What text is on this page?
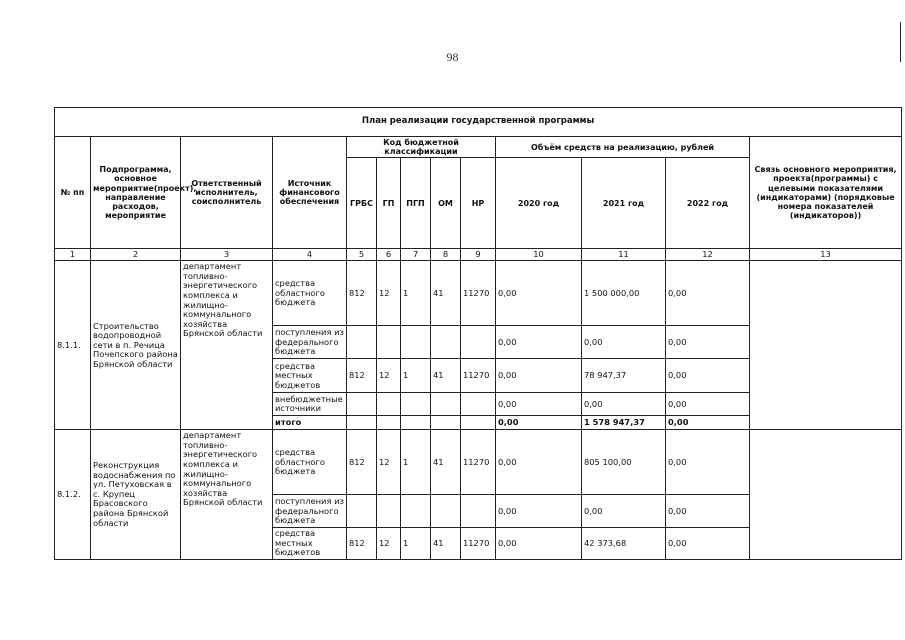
98
План реализации государственной программы												
№ пп	Подпрограмма, основное мероприятие(проект), направление расходов, мероприятие	Ответственный исполнитель, соисполнитель	Источник финансового обеспечения	Код бюджетной классификации					Объём средств на реализацию, рублей			Связь основного мероприятия, проекта(программы) с целевыми показателями (индикаторами) (порядковые номера показателей (индикаторов))
				ГРБС	ГП	ПГП	ОМ	НР	2020 год	2021 год	2022 год	
1	2	3	4	5	6	7	8	9	10	11	12	13
8.1.1.	Строительство водопроводной сети в п. Речица Почепского района Брянской области	департамент топливно-энергетического комплекса и жилищно-коммунального хозяйства Брянской области	средства областного бюджета	812	12	1	41	11270	0,00	1 500 000,00	0,00	
			поступления из федерального бюджета						0,00	0,00	0,00	
			средства местных бюджетов	812	12	1	41	11270	0,00	78 947,37	0,00	
			внебюджетные источники						0,00	0,00	0,00	
			итого						0,00	1 578 947,37	0,00	
8.1.2.	Реконструкция водоснабжения по ул. Петуховская в с. Крупец Брасовского района Брянской области	департамент топливно-энергетического комплекса и жилищно-коммунального хозяйства Брянской области	средства областного бюджета	812	12	1	41	11270	0,00	805 100,00	0,00	
			поступления из федерального бюджета						0,00	0,00	0,00	
			средства местных бюджетов	812	12	1	41	11270	0,00	42 373,68	0,00	
